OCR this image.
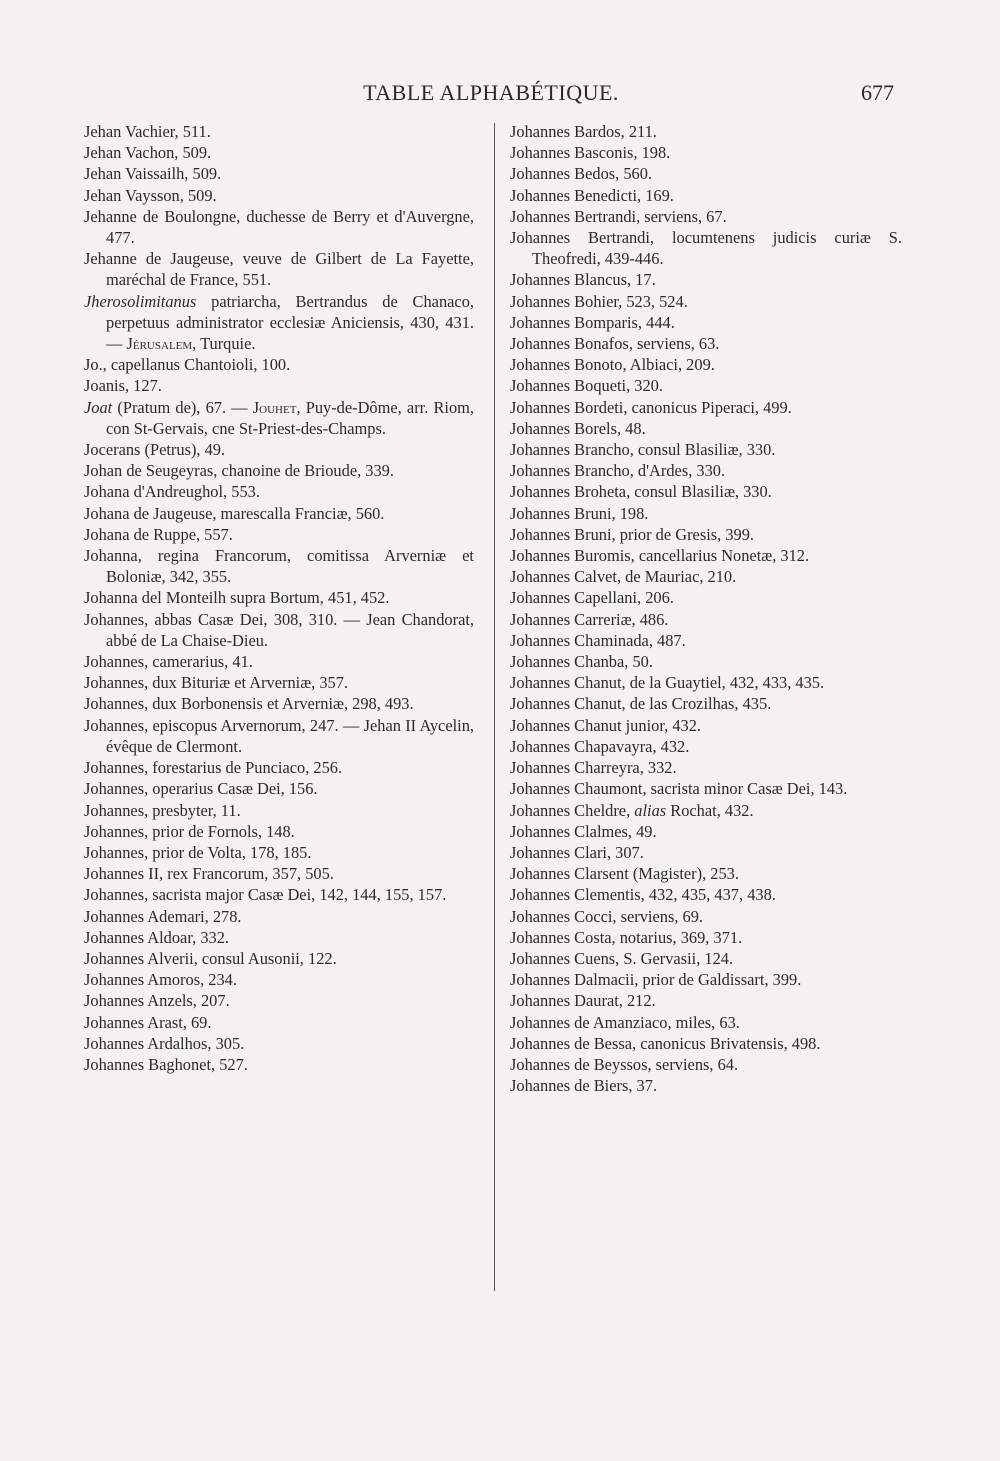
TABLE ALPHABÉTIQUE.	677
Jehan Vachier, 511.
Jehan Vachon, 509.
Jehan Vaissailh, 509.
Jehan Vaysson, 509.
Jehanne de Boulongne, duchesse de Berry et d'Auvergne, 477.
Jehanne de Jaugeuse, veuve de Gilbert de La Fayette, maréchal de France, 551.
Jherosolimitanus patriarcha, Bertrandus de Chanaco, perpetuus administrator ecclesiæ Aniciensis, 430, 431. — Jérusalem, Turquie.
Jo., capellanus Chantoioli, 100.
Joanis, 127.
Joat (Pratum de), 67. — Jouhet, Puy-de-Dôme, arr. Riom, con St-Gervais, cne St-Priest-des-Champs.
Jocerans (Petrus), 49.
Johan de Seugeyras, chanoine de Brioude, 339.
Johana d'Andreughol, 553.
Johana de Jaugeuse, marescalla Franciæ, 560.
Johana de Ruppe, 557.
Johanna, regina Francorum, comitissa Arverniæ et Boloniæ, 342, 355.
Johanna del Monteilh supra Bortum, 451, 452.
Johannes, abbas Casæ Dei, 308, 310. — Jean Chandorat, abbé de La Chaise-Dieu.
Johannes, camerarius, 41.
Johannes, dux Bituriæ et Arverniæ, 357.
Johannes, dux Borbonensis et Arverniæ, 298, 493.
Johannes, episcopus Arvernorum, 247. — Jehan II Aycelin, évêque de Clermont.
Johannes, forestarius de Punciaco, 256.
Johannes, operarius Casæ Dei, 156.
Johannes, presbyter, 11.
Johannes, prior de Fornols, 148.
Johannes, prior de Volta, 178, 185.
Johannes II, rex Francorum, 357, 505.
Johannes, sacrista major Casæ Dei, 142, 144, 155, 157.
Johannes Ademari, 278.
Johannes Aldoar, 332.
Johannes Alverii, consul Ausonii, 122.
Johannes Amoros, 234.
Johannes Anzels, 207.
Johannes Arast, 69.
Johannes Ardalhos, 305.
Johannes Baghonet, 527.
Johannes Bardos, 211.
Johannes Basconis, 198.
Johannes Bedos, 560.
Johannes Benedicti, 169.
Johannes Bertrandi, serviens, 67.
Johannes Bertrandi, locumtenens judicis curiæ S. Theofredi, 439-446.
Johannes Blancus, 17.
Johannes Bohier, 523, 524.
Johannes Bomparis, 444.
Johannes Bonafos, serviens, 63.
Johannes Bonoto, Albiaci, 209.
Johannes Boqueti, 320.
Johannes Bordeti, canonicus Piperaci, 499.
Johannes Borels, 48.
Johannes Brancho, consul Blasiliæ, 330.
Johannes Brancho, d'Ardes, 330.
Johannes Broheta, consul Blasiliæ, 330.
Johannes Bruni, 198.
Johannes Bruni, prior de Gresis, 399.
Johannes Buromis, cancellarius Nonetæ, 312.
Johannes Calvet, de Mauriac, 210.
Johannes Capellani, 206.
Johannes Carreriæ, 486.
Johannes Chaminada, 487.
Johannes Chanba, 50.
Johannes Chanut, de la Guaytiel, 432, 433, 435.
Johannes Chanut, de las Crozilhas, 435.
Johannes Chanut junior, 432.
Johannes Chapavayra, 432.
Johannes Charreyra, 332.
Johannes Chaumont, sacrista minor Casæ Dei, 143.
Johannes Cheldre, alias Rochat, 432.
Johannes Clalmes, 49.
Johannes Clari, 307.
Johannes Clarsent (Magister), 253.
Johannes Clementis, 432, 435, 437, 438.
Johannes Cocci, serviens, 69.
Johannes Costa, notarius, 369, 371.
Johannes Cuens, S. Gervasii, 124.
Johannes Dalmacii, prior de Galdissart, 399.
Johannes Daurat, 212.
Johannes de Amanziaco, miles, 63.
Johannes de Bessa, canonicus Brivatensis, 498.
Johannes de Beyssos, serviens, 64.
Johannes de Biers, 37.
